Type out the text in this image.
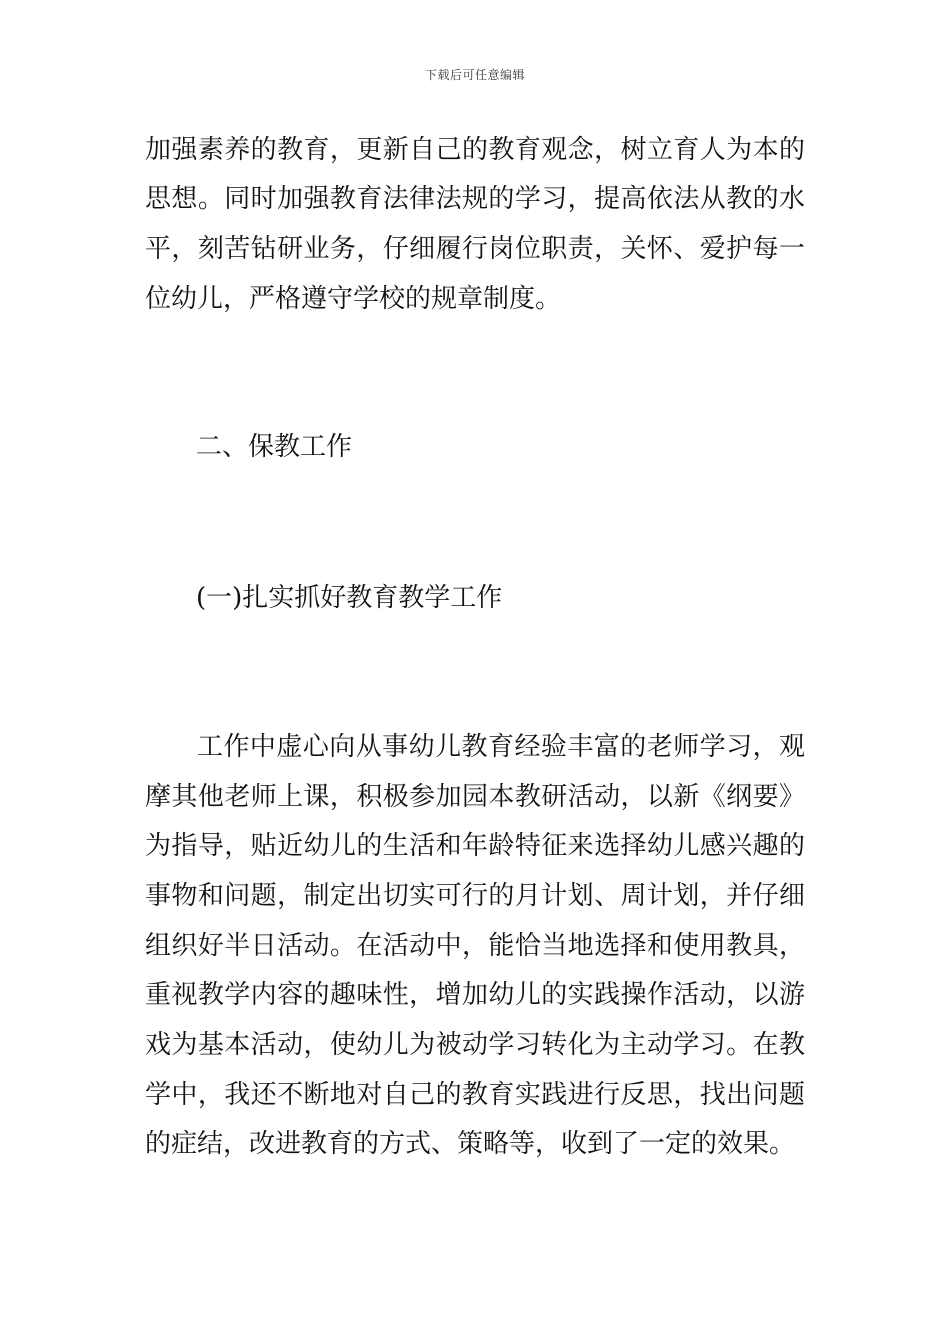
下载后可任意编辑
加强素养的教育，更新自己的教育观念，树立育人为本的
思想。同时加强教育法律法规的学习，提高依法从教的水
平，刻苦钻研业务，仔细履行岗位职责，关怀、爱护每一
位幼儿，严格遵守学校的规章制度。
二、保教工作
(一)扎实抓好教育教学工作
工作中虚心向从事幼儿教育经验丰富的老师学习，观
摩其他老师上课，积极参加园本教研活动，以新《纲要》
为指导，贴近幼儿的生活和年龄特征来选择幼儿感兴趣的
事物和问题，制定出切实可行的月计划、周计划，并仔细
组织好半日活动。在活动中，能恰当地选择和使用教具，
重视教学内容的趣味性，增加幼儿的实践操作活动，以游
戏为基本活动，使幼儿为被动学习转化为主动学习。在教
学中，我还不断地对自己的教育实践进行反思，找出问题
的症结，改进教育的方式、策略等，收到了一定的效果。
